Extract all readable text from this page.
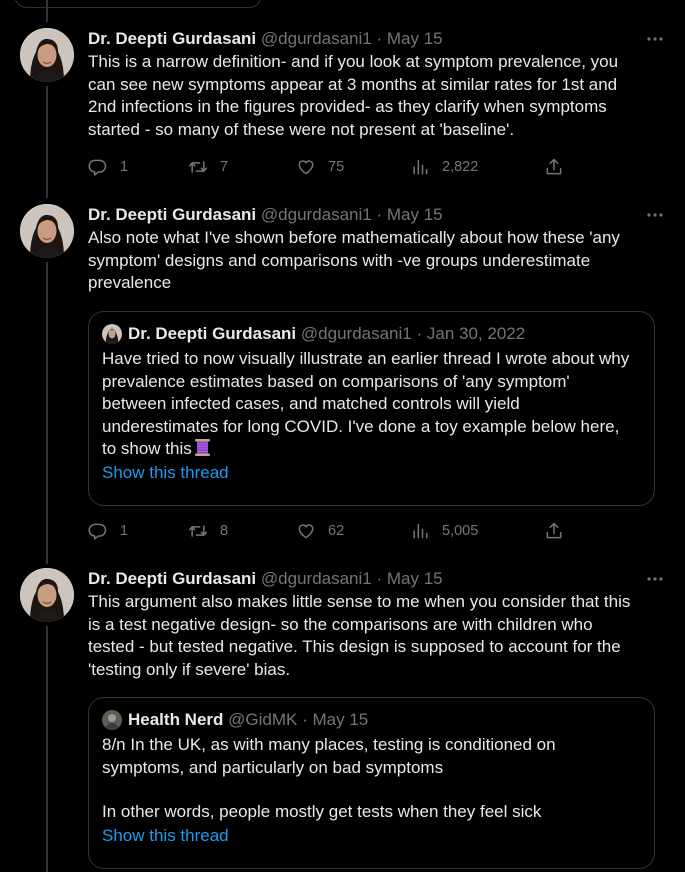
Dr. Deepti Gurdasani @dgurdasani1 · May 15
This is a narrow definition- and if you look at symptom prevalence, you
can see new symptoms appear at 3 months at similar rates for 1st and
2nd infections in the figures provided- as they clarify when symptoms
started - so many of these were not present at 'baseline'.
1	7	75	2,822
Dr. Deepti Gurdasani @dgurdasani1 · May 15
Also note what I've shown before mathematically about how these 'any
symptom' designs and comparisons with -ve groups underestimate
prevalence
Dr. Deepti Gurdasani
@dgurdasani1
·
Jan 30, 2022
Have tried to now visually illustrate an earlier thread I wrote about why
prevalence estimates based on comparisons of 'any symptom'
between infected cases, and matched controls will yield
underestimates for long COVID. I've done a toy example below here,
to show this
Show this thread
1	8	62	5,005
Dr. Deepti Gurdasani @dgurdasani1 · May 15
This argument also makes little sense to me when you consider that this
is a test negative design- so the comparisons are with children who
tested - but tested negative. This design is supposed to account for the
'testing only if severe' bias.
Health Nerd
@GidMK
·
May 15
8/n In the UK, as with many places, testing is conditioned on
symptoms, and particularly on bad symptoms
In other words, people mostly get tests when they feel sick
Show this thread
